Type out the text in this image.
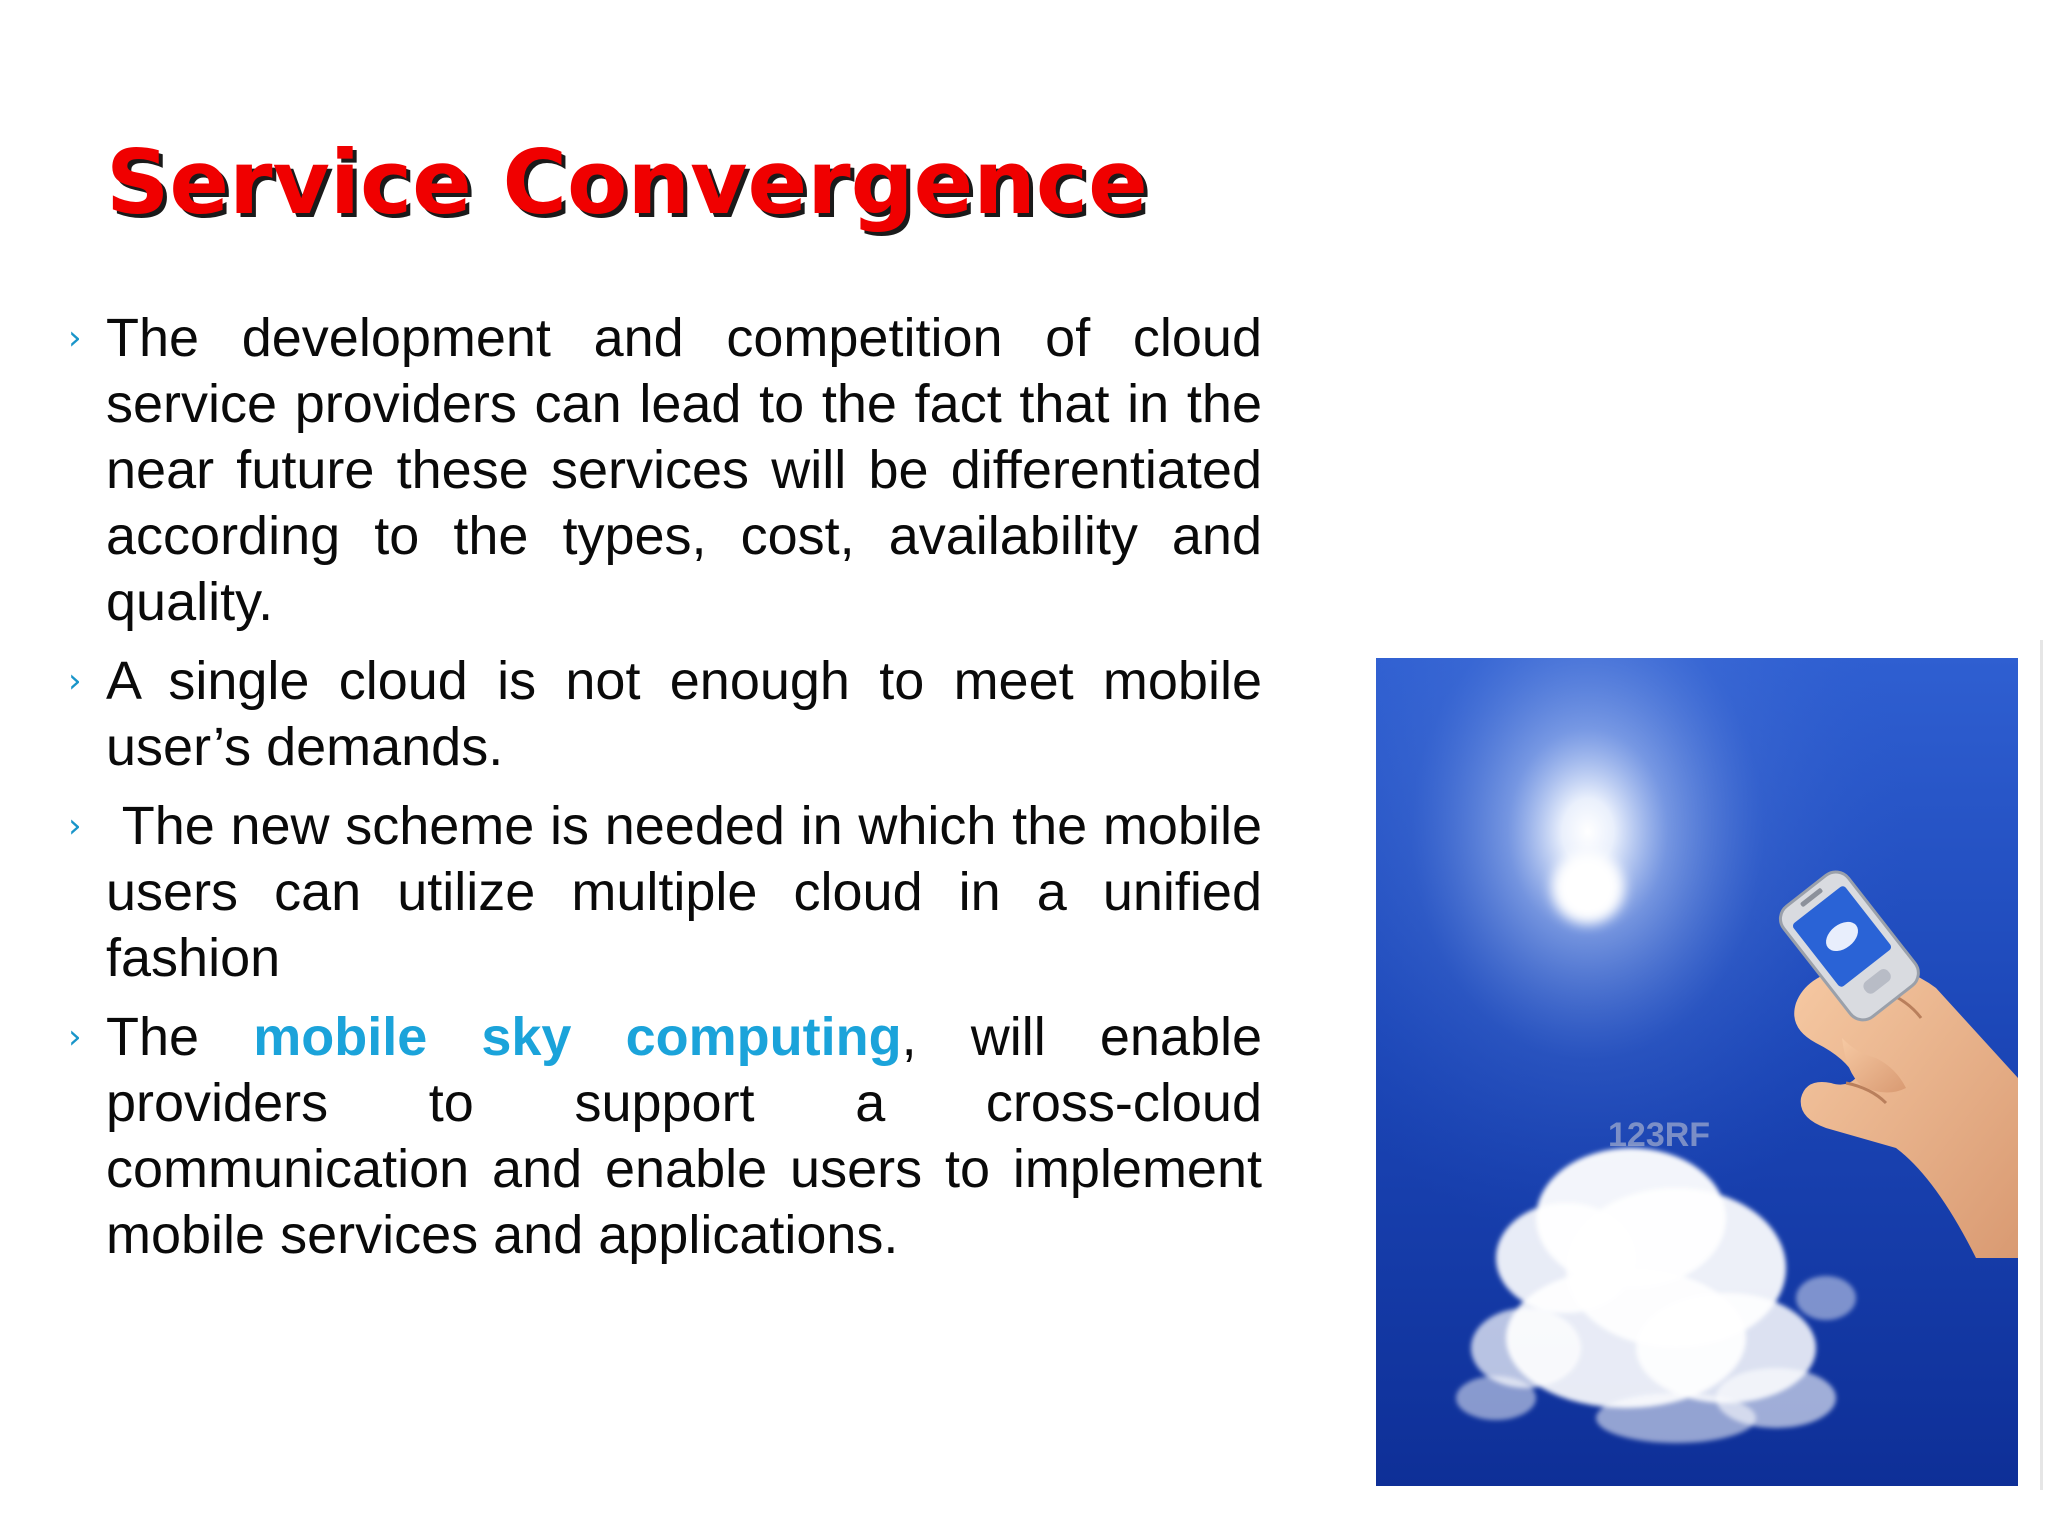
Service Convergence
› The development and competition of cloud service providers can lead to the fact that in the near future these services will be differentiated according to the types, cost, availability and quality.
› A single cloud is not enough to meet mobile user’s demands.
› The new scheme is needed in which the mobile users can utilize multiple cloud in a unified fashion
› The mobile sky computing, will enable providers to support a cross-cloud communication and enable users to implement mobile services and applications.
123RF
